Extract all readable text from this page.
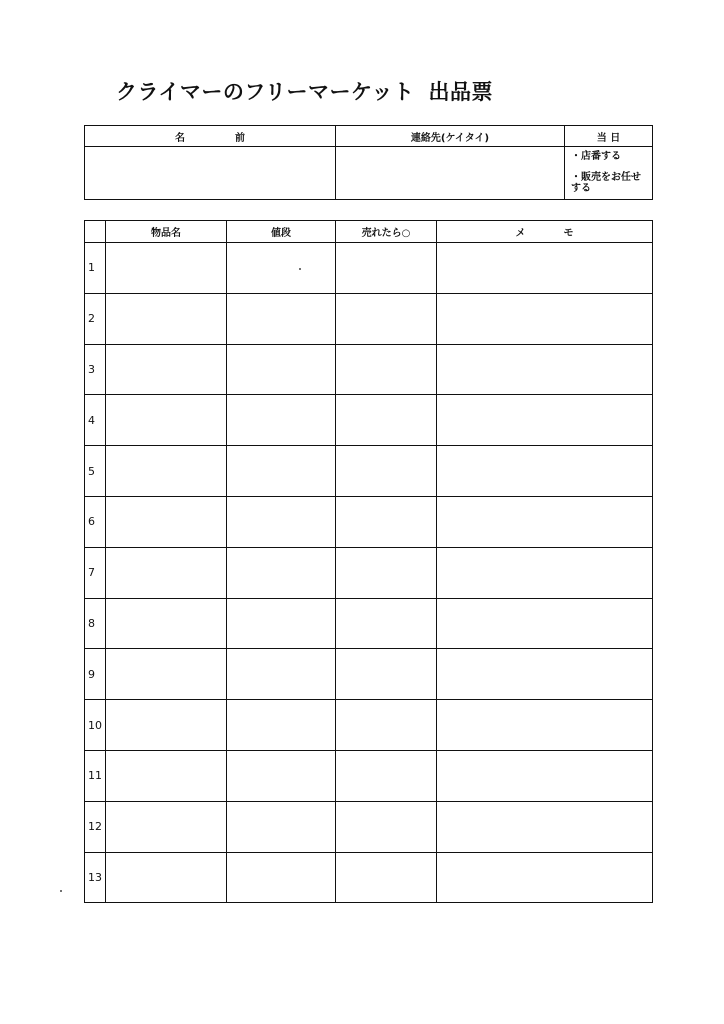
クライマーのフリーマーケット 出品票
名 前	連絡先(ケイタイ)	当 日

		・店番する
・販売をお任せ する
	物品名	値段	売れたら○	メ モ
1				
2				
3				
4				
5				
6				
7				
8				
9				
10				
11				
12				
13				
